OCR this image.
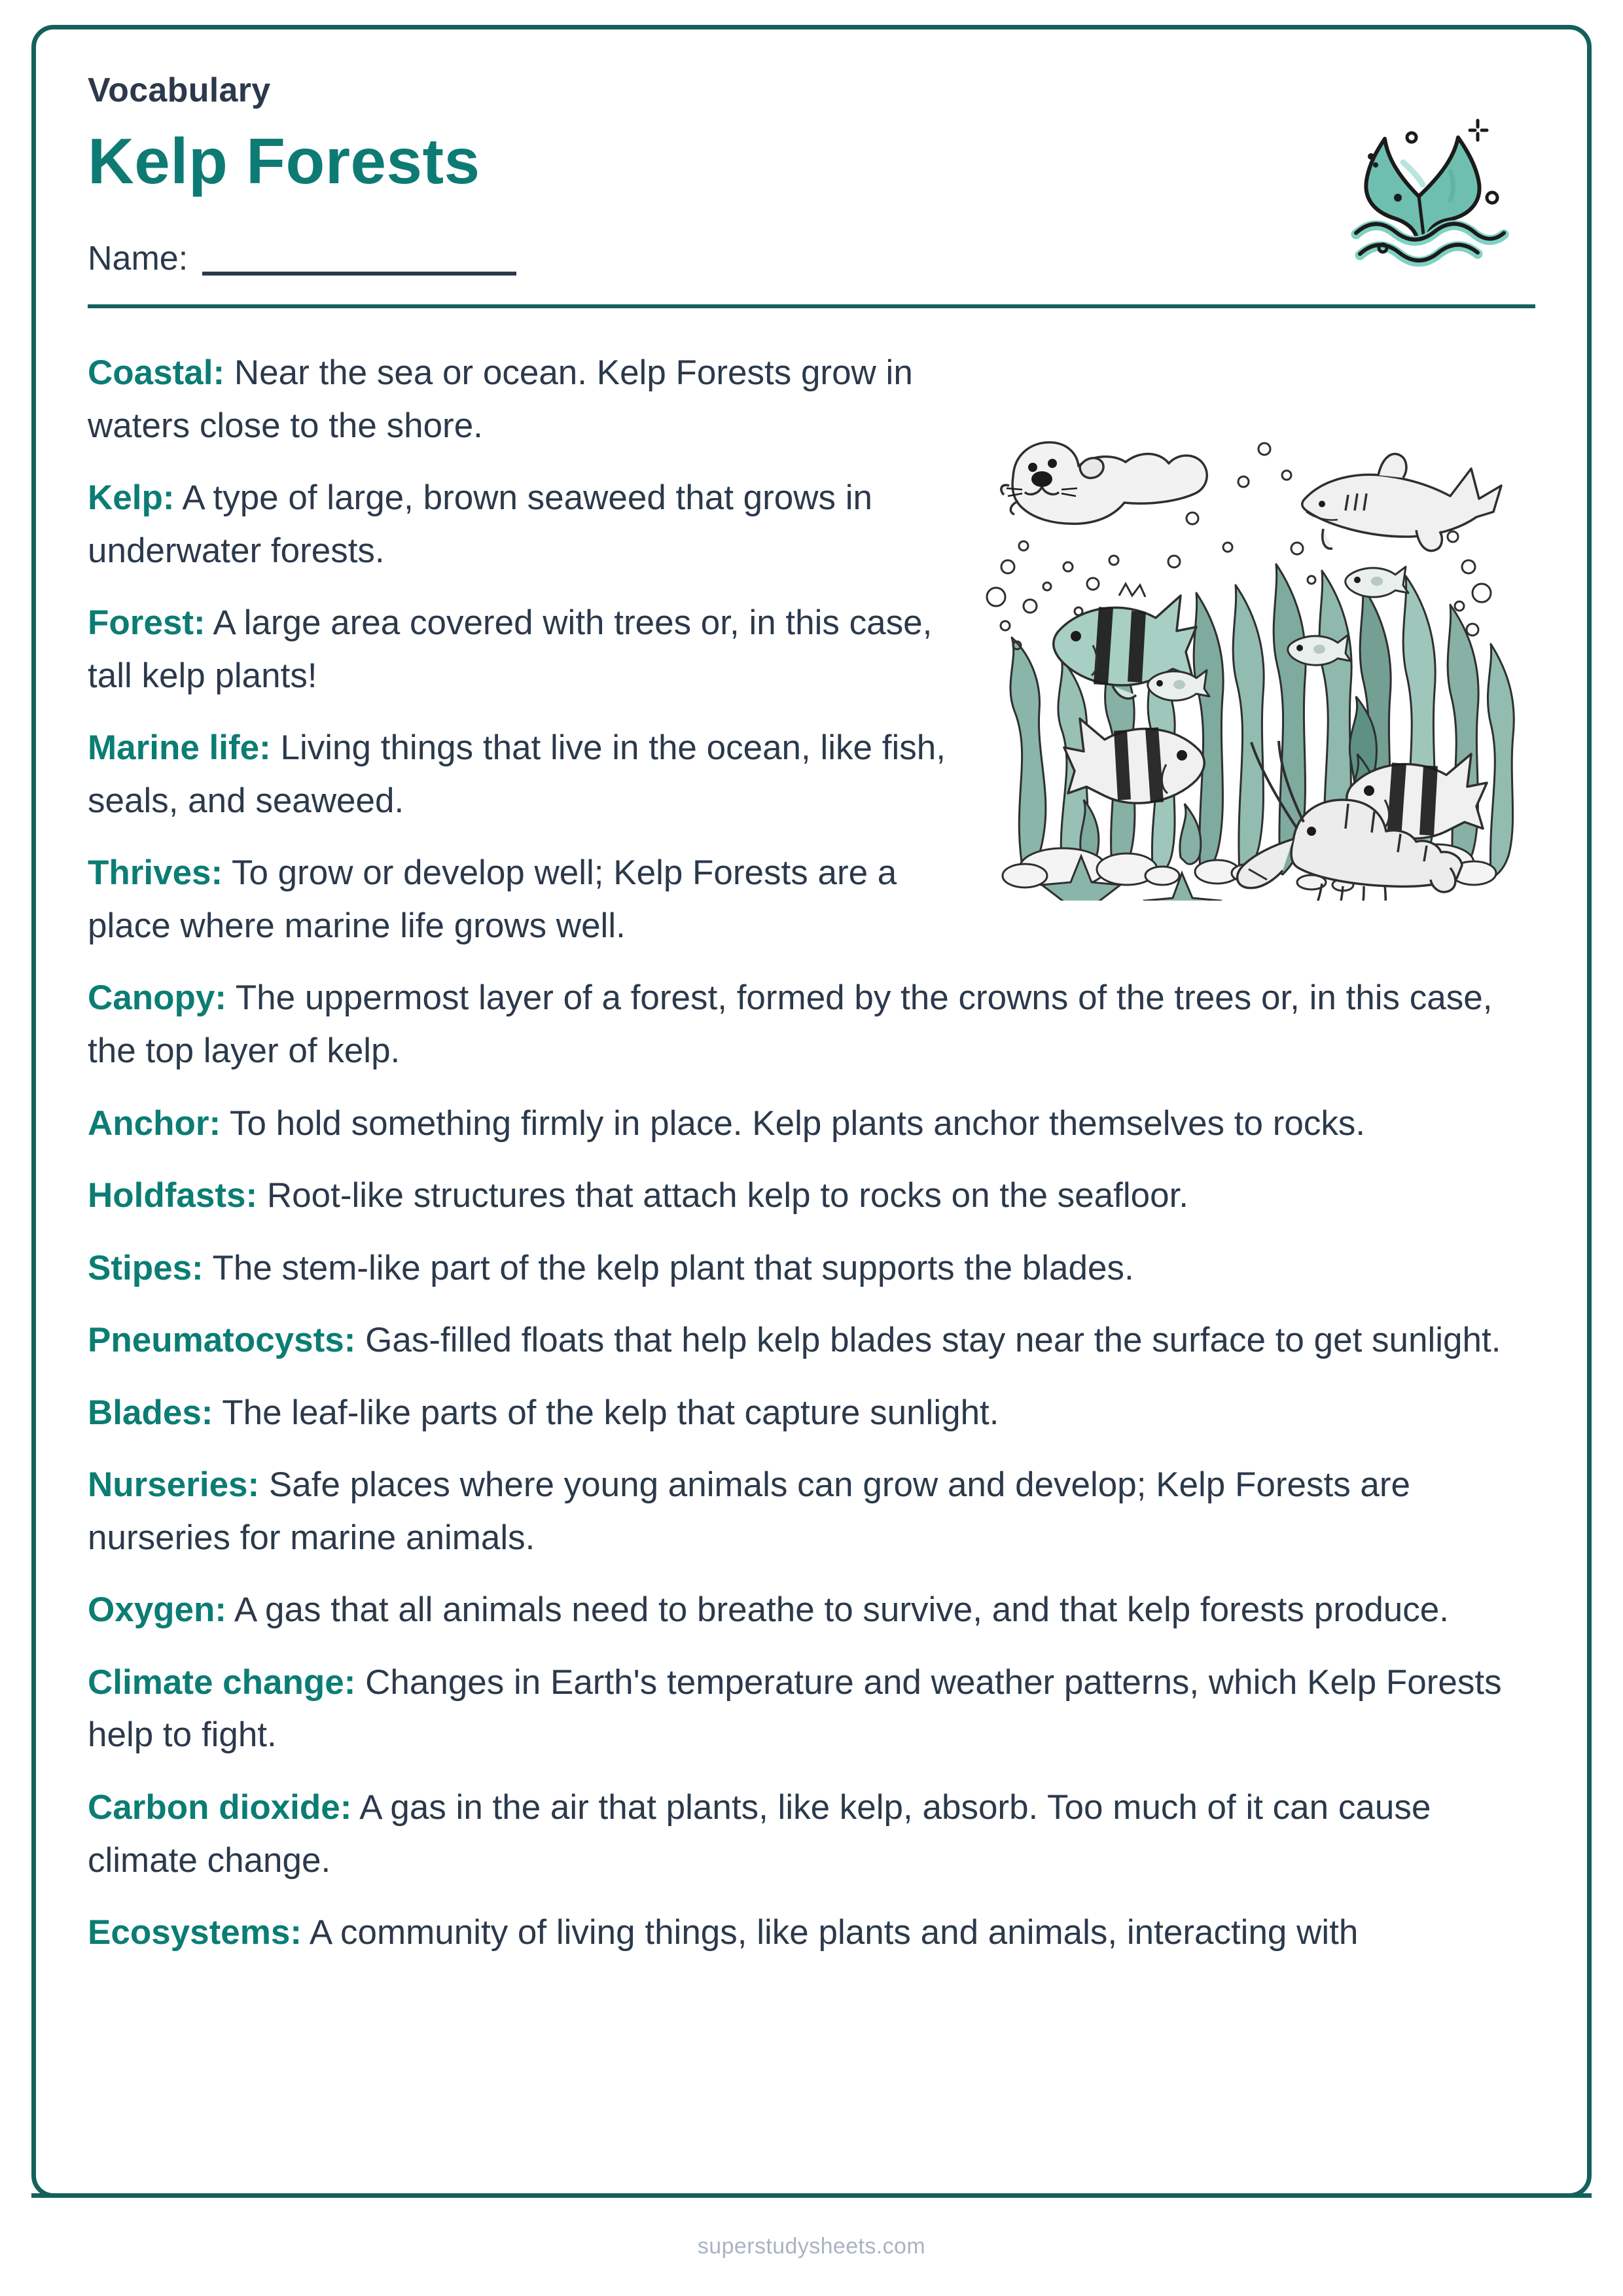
Vocabulary
Kelp Forests
Name:

Coastal: Near the sea or ocean. Kelp Forests grow in waters close to the shore.

Kelp: A type of large, brown seaweed that grows in underwater forests.

Forest: A large area covered with trees or, in this case, tall kelp plants!

Marine life: Living things that live in the ocean, like fish, seals, and seaweed.

Thrives: To grow or develop well; Kelp Forests are a place where marine life grows well.

Canopy: The uppermost layer of a forest, formed by the crowns of the trees or, in this case, the top layer of kelp.

Anchor: To hold something firmly in place. Kelp plants anchor themselves to rocks.

Holdfasts: Root-like structures that attach kelp to rocks on the seafloor.

Stipes: The stem-like part of the kelp plant that supports the blades.

Pneumatocysts: Gas-filled floats that help kelp blades stay near the surface to get sunlight.

Blades: The leaf-like parts of the kelp that capture sunlight.

Nurseries: Safe places where young animals can grow and develop; Kelp Forests are nurseries for marine animals.

Oxygen: A gas that all animals need to breathe to survive, and that kelp forests produce.

Climate change: Changes in Earth's temperature and weather patterns, which Kelp Forests help to fight.

Carbon dioxide: A gas in the air that plants, like kelp, absorb. Too much of it can cause climate change.

Ecosystems: A community of living things, like plants and animals, interacting with

superstudysheets.com
